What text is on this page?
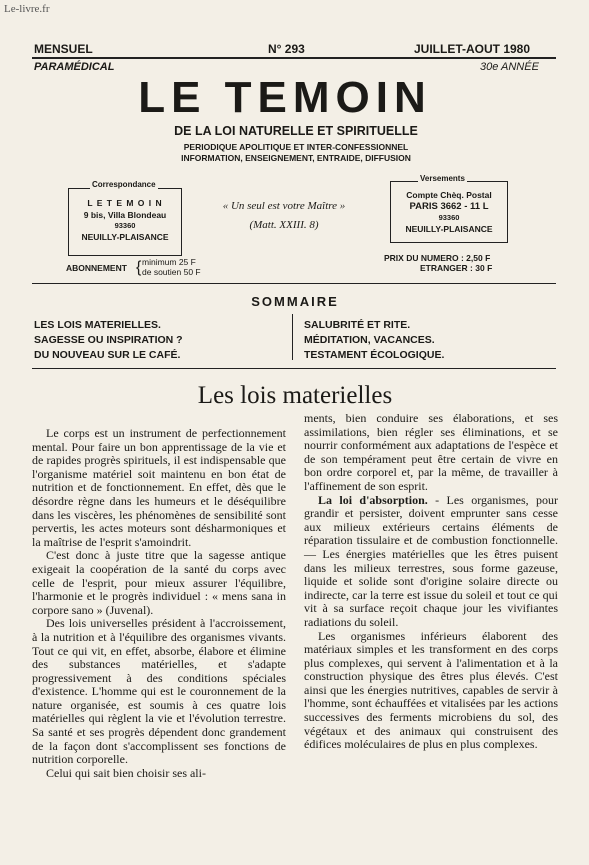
Le-livre.fr
MENSUEL	N° 293	JUILLET-AOUT 1980
PARAMÉDICAL	30e ANNÉE
LE TEMOIN
DE LA LOI NATURELLE ET SPIRITUELLE
PERIODIQUE APOLITIQUE ET INTER-CONFESSIONNEL
INFORMATION, ENSEIGNEMENT, ENTRAIDE, DIFFUSION
L E T E M O I N
9 bis, Villa Blondeau
93360
NEUILLY-PLAISANCE
Correspondance
« Un seul est votre Maître »
(Matt. XXIII. 8)
Compte Chèq. Postal
PARIS 3662 - 11 L
93360
NEUILLY-PLAISANCE
Versements
ABONNEMENT { minimum 25 F
de soutien 50 F
PRIX DU NUMERO : 2,50 F
ETRANGER : 30 F
SOMMAIRE
LES LOIS MATERIELLES.
SAGESSE OU INSPIRATION ?
DU NOUVEAU SUR LE CAFÉ.
SALUBRITÉ ET RITE.
MÉDITATION, VACANCES.
TESTAMENT ÉCOLOGIQUE.
Les lois materielles

Le corps est un instrument de perfectionnement mental. Pour faire un bon apprentissage de la vie et de rapides progrès spirituels, il est indispensable que l'organisme matériel soit maintenu en bon état de nutrition et de fonctionnement. En effet, dès que le désordre règne dans les humeurs et le déséquilibre dans les viscères, les phénomènes de sensibilité sont pervertis, les actes moteurs sont désharmoniques et la maîtrise de l'esprit s'amoindrit.

C'est donc à juste titre que la sagesse antique exigeait la coopération de la santé du corps avec celle de l'esprit, pour mieux assurer l'équilibre, l'harmonie et le progrès individuel : « mens sana in corpore sano » (Juvenal).

Des lois universelles président à l'accroissement, à la nutrition et à l'équilibre des organismes vivants. Tout ce qui vit, en effet, absorbe, élabore et élimine des substances matérielles, et s'adapte progressivement à des conditions spéciales d'existence. L'homme qui est le couronnement de la nature organisée, est soumis à ces quatre lois matérielles qui règlent la vie et l'évolution terrestre. Sa santé et ses progrès dépendent donc grandement de la façon dont s'accomplissent ses fonctions de nutrition corporelle.

Celui qui sait bien choisir ses ali-

ments, bien conduire ses élaborations, et ses assimilations, bien régler ses éliminations, et se nourrir conformément aux adaptations de l'espèce et de son tempérament peut être certain de vivre en bon ordre corporel et, par la même, de travailler à l'affinement de son esprit.

La loi d'absorption. - Les organismes, pour grandir et persister, doivent emprunter sans cesse aux milieux extérieurs certains éléments de réparation tissulaire et de combustion fonctionnelle. — Les énergies matérielles que les êtres puisent dans les milieux terrestres, sous forme gazeuse, liquide et solide sont d'origine solaire directe ou indirecte, car la terre est issue du soleil et tout ce qui vit à sa surface reçoit chaque jour les vivifiantes radiations du soleil.

Les organismes inférieurs élaborent des matériaux simples et les transforment en des corps plus complexes, qui servent à l'alimentation et à la construction physique des êtres plus élevés. C'est ainsi que les énergies nutritives, capables de servir à l'homme, sont échauffées et vitalisées par les actions successives des ferments microbiens du sol, des végétaux et des animaux qui construisent des édifices moléculaires de plus en plus complexes.
